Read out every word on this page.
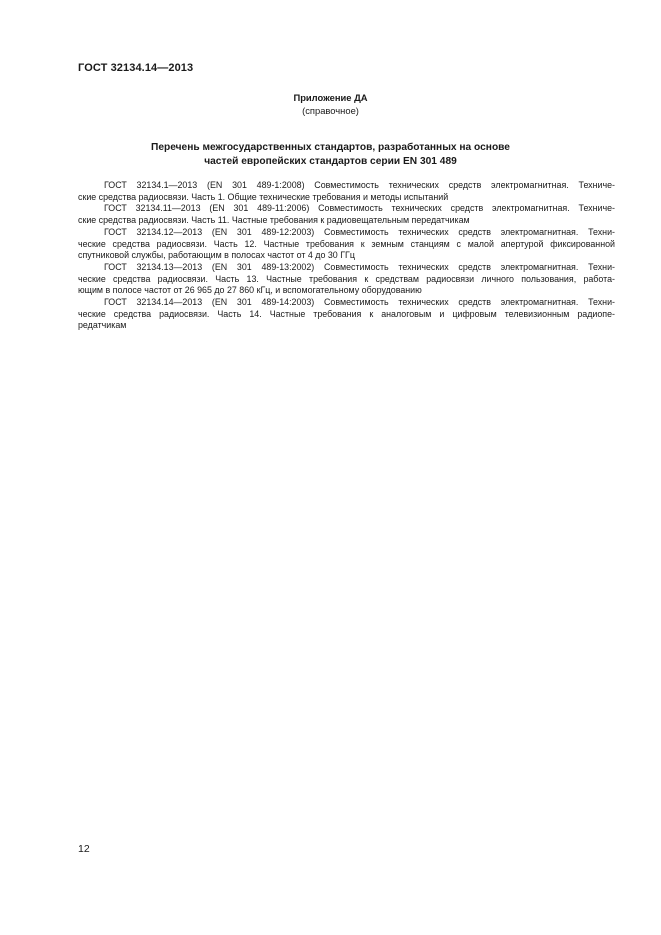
ГОСТ 32134.14—2013
Приложение ДА
(справочное)
Перечень межгосударственных стандартов, разработанных на основе
частей европейских стандартов серии EN 301 489
ГОСТ 32134.1—2013 (EN 301 489-1:2008) Совместимость технических средств электромагнитная. Техниче-
ские средства радиосвязи. Часть 1. Общие технические требования и методы испытаний
ГОСТ 32134.11—2013 (EN 301 489-11:2006) Совместимость технических средств электромагнитная. Техниче-
ские средства радиосвязи. Часть 11. Частные требования к радиовещательным передатчикам
ГОСТ 32134.12—2013 (EN 301 489-12:2003) Совместимость технических средств электромагнитная. Техни-
ческие средства радиосвязи. Часть 12. Частные требования к земным станциям с малой апертурой фиксированной
спутниковой службы, работающим в полосах частот от 4 до 30 ГГц
ГОСТ 32134.13—2013 (EN 301 489-13:2002) Совместимость технических средств электромагнитная. Техни-
ческие средства радиосвязи. Часть 13. Частные требования к средствам радиосвязи личного пользования, работа-
ющим в полосе частот от 26 965 до 27 860 кГц, и вспомогательному оборудованию
ГОСТ 32134.14—2013 (EN 301 489-14:2003) Совместимость технических средств электромагнитная. Техни-
ческие средства радиосвязи. Часть 14. Частные требования к аналоговым и цифровым телевизионным радиопе-
редатчикам
12
